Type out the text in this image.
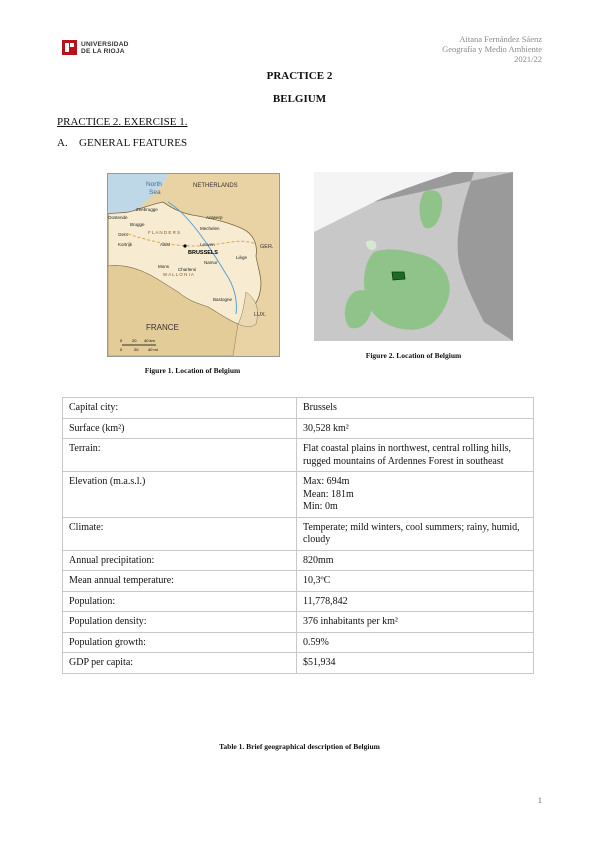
UNIVERSIDAD
DE LA RIOJA
Aitana Fernández Sáenz
Geografía y Medio Ambiente
2021/22
PRACTICE 2
BELGIUM
PRACTICE 2. EXERCISE 1.
A. GENERAL FEATURES
North
Sea
NETHERLANDS
Oostende
Zeebrugge
Brugge
Gent
Antwerp
Mechelen
Kortrijk	Aalst	Leuven
F L A N D E R S
BRUSSELS
W A L L O N I A
Mons
Charleroi
Namur
Liège
Bastogne
GER.
LUX.
FRANCE
0 20 40 km
0	20 40 mi
Figure 1. Location of Belgium
Figure 2. Location of Belgium
Capital city:	Brussels
Surface (km²)	30,528 km²
Terrain:	Flat coastal plains in northwest, central rolling hills, rugged mountains of Ardennes Forest in southeast
Elevation (m.a.s.l.)	Max: 694m
Mean: 181m
Min: 0m

Climate:	Temperate; mild winters, cool summers; rainy, humid, cloudy
Annual precipitation:	820mm
Mean annual temperature:	10,3ºC
Population:	11,778,842
Population density:	376 inhabitants per km²
Population growth:	0.59%
GDP per capita:	$51,934
Table 1. Brief geographical description of Belgium
1
